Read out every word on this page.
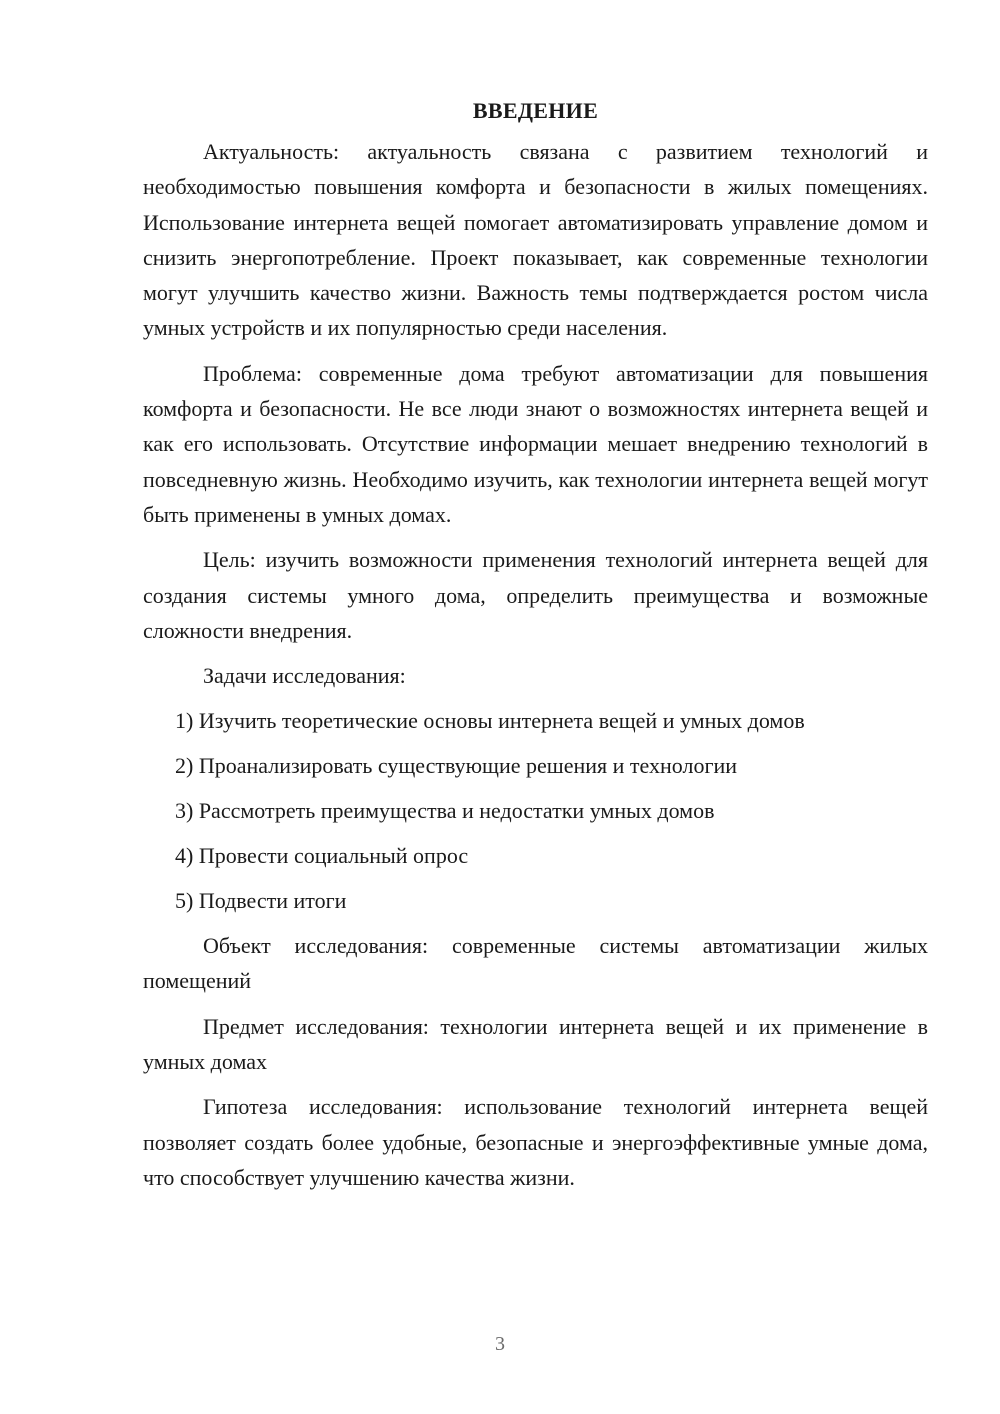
ВВЕДЕНИЕ

Актуальность: актуальность связана с развитием технологий и необходимостью повышения комфорта и безопасности в жилых помещениях. Использование интернета вещей помогает автоматизировать управление домом и снизить энергопотребление. Проект показывает, как современные технологии могут улучшить качество жизни. Важность темы подтверждается ростом числа умных устройств и их популярностью среди населения.

Проблема: современные дома требуют автоматизации для повышения комфорта и безопасности. Не все люди знают о возможностях интернета вещей и как его использовать. Отсутствие информации мешает внедрению технологий в повседневную жизнь. Необходимо изучить, как технологии интернета вещей могут быть применены в умных домах.

Цель: изучить возможности применения технологий интернета вещей для создания системы умного дома, определить преимущества и возможные сложности внедрения.

Задачи исследования:
1) Изучить теоретические основы интернета вещей и умных домов
2) Проанализировать существующие решения и технологии
3) Рассмотреть преимущества и недостатки умных домов
4) Провести социальный опрос
5) Подвести итоги

Объект исследования: современные системы автоматизации жилых помещений

Предмет исследования: технологии интернета вещей и их применение в умных домах

Гипотеза исследования: использование технологий интернета вещей позволяет создать более удобные, безопасные и энергоэффективные умные дома, что способствует улучшению качества жизни.

3
